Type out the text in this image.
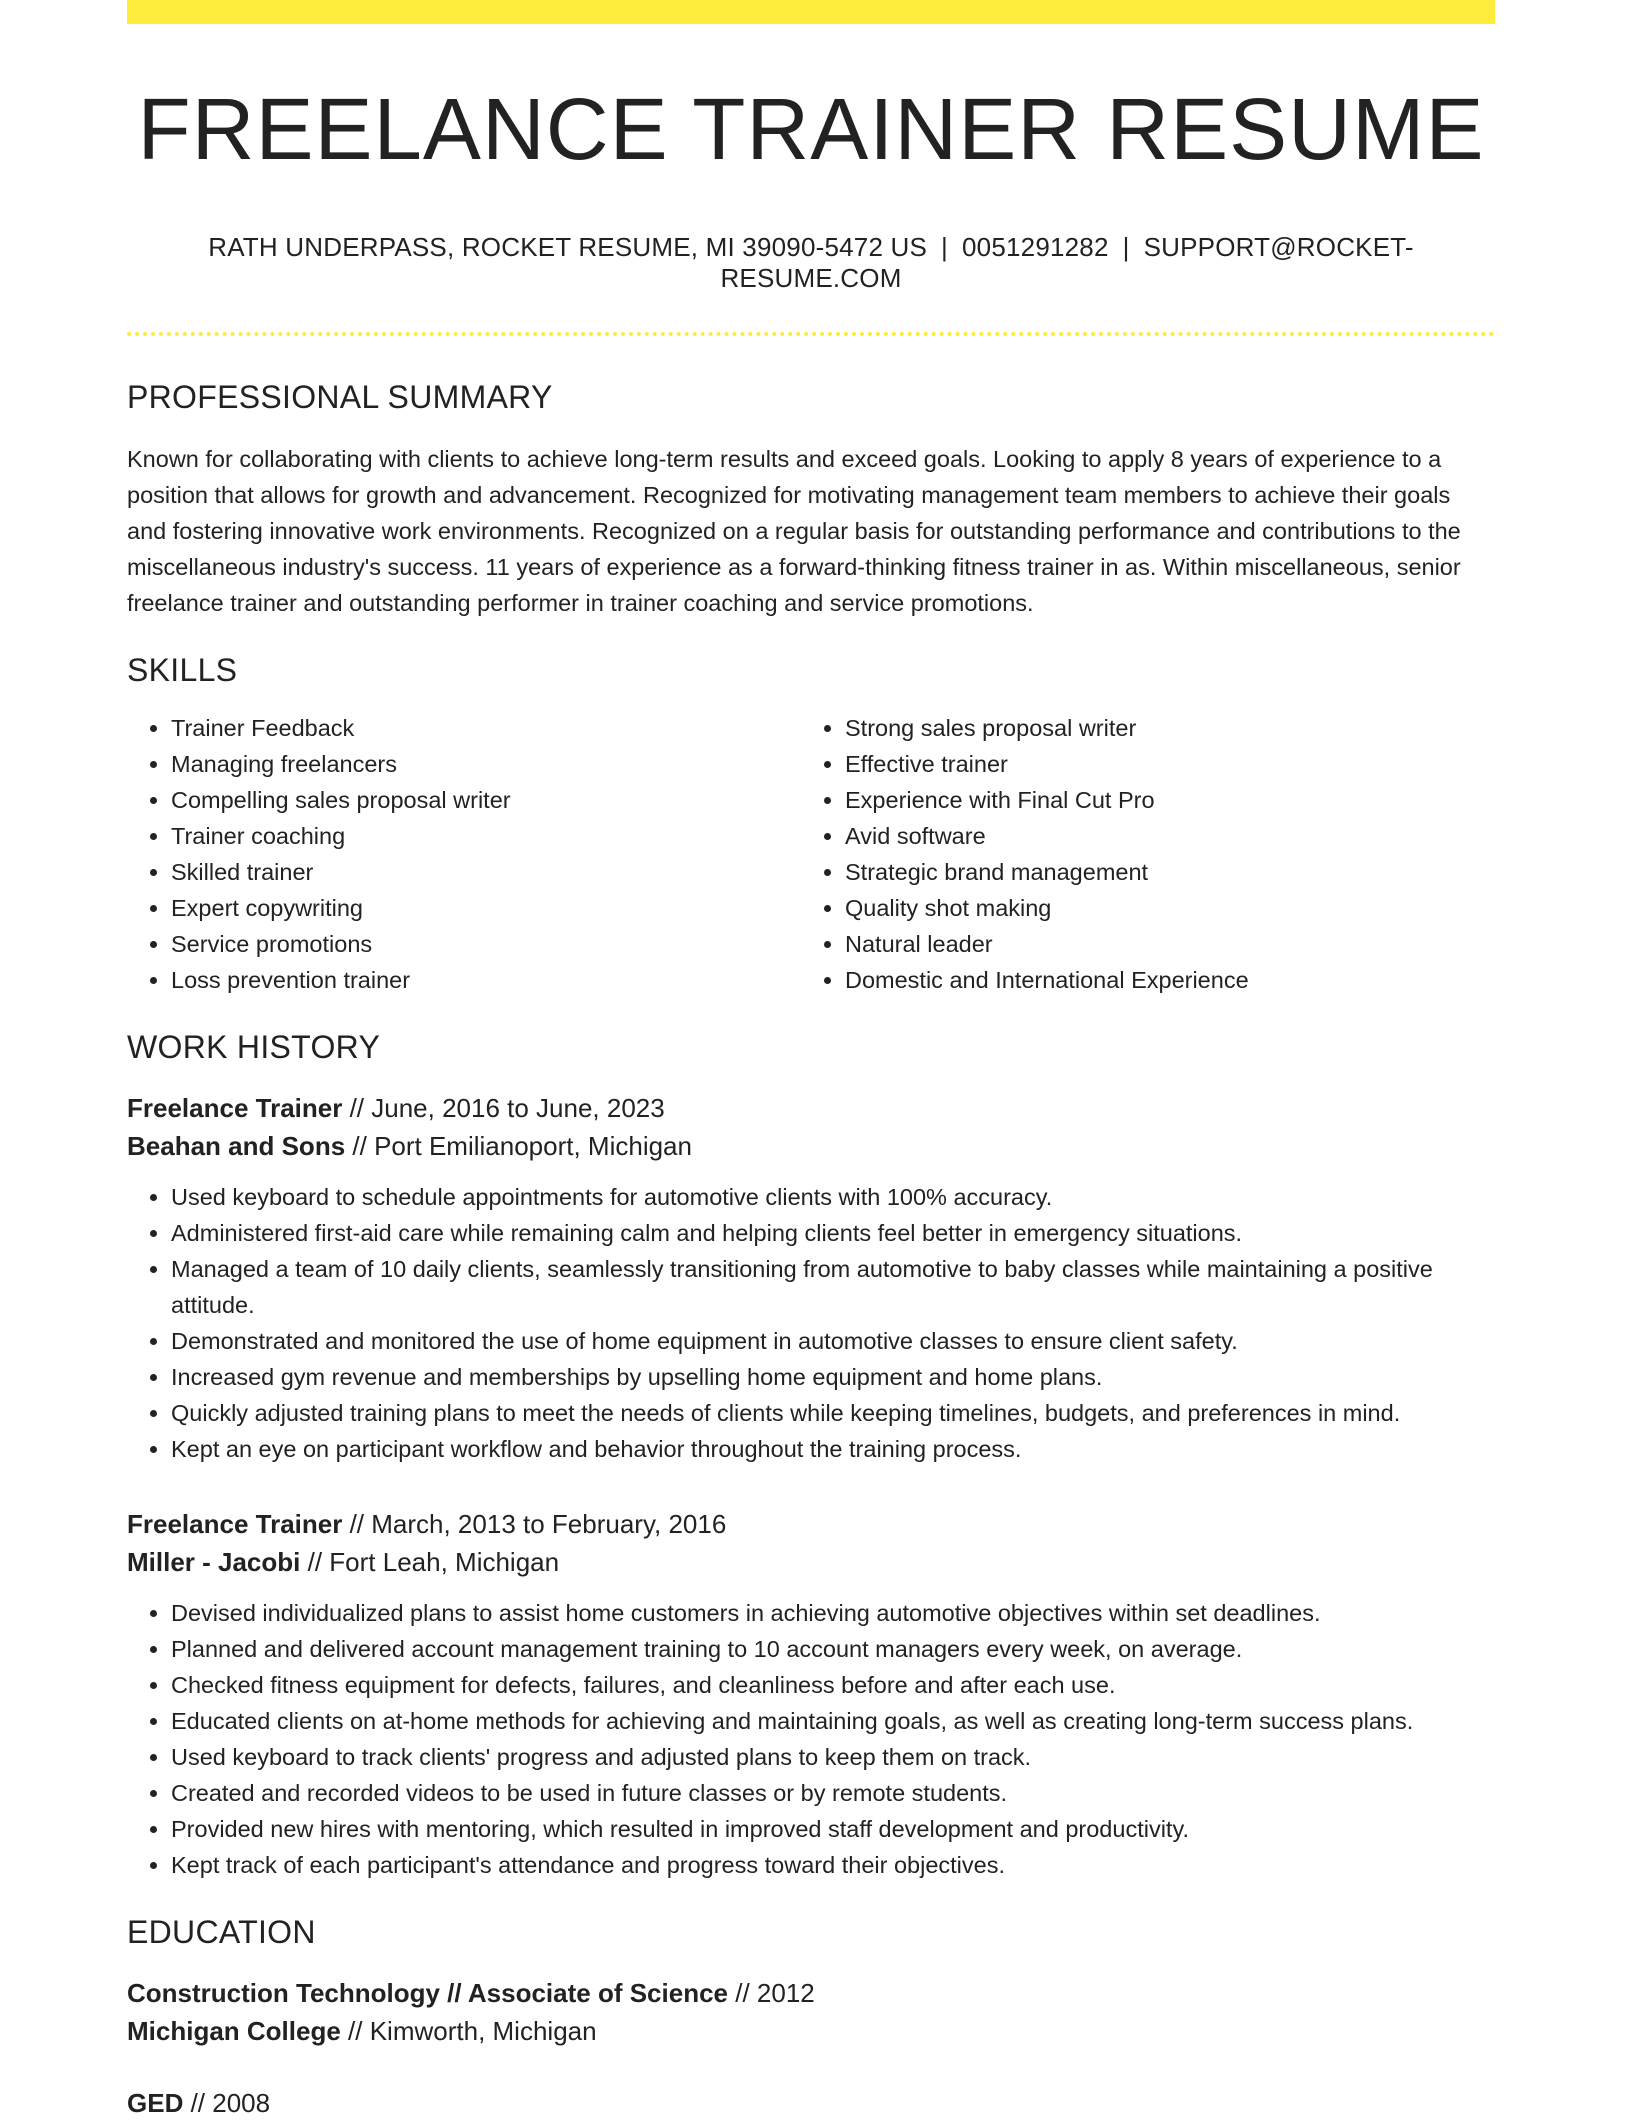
FREELANCE TRAINER RESUME
RATH UNDERPASS, ROCKET RESUME, MI 39090-5472 US | 0051291282 | SUPPORT@ROCKET-RESUME.COM
PROFESSIONAL SUMMARY
Known for collaborating with clients to achieve long-term results and exceed goals. Looking to apply 8 years of experience to a position that allows for growth and advancement. Recognized for motivating management team members to achieve their goals and fostering innovative work environments. Recognized on a regular basis for outstanding performance and contributions to the miscellaneous industry's success. 11 years of experience as a forward-thinking fitness trainer in as. Within miscellaneous, senior freelance trainer and outstanding performer in trainer coaching and service promotions.
SKILLS
• Trainer Feedback
• Managing freelancers
• Compelling sales proposal writer
• Trainer coaching
• Skilled trainer
• Expert copywriting
• Service promotions
• Loss prevention trainer
• Strong sales proposal writer
• Effective trainer
• Experience with Final Cut Pro
• Avid software
• Strategic brand management
• Quality shot making
• Natural leader
• Domestic and International Experience
WORK HISTORY
Freelance Trainer // June, 2016 to June, 2023
Beahan and Sons // Port Emilianoport, Michigan
• Used keyboard to schedule appointments for automotive clients with 100% accuracy.
• Administered first-aid care while remaining calm and helping clients feel better in emergency situations.
• Managed a team of 10 daily clients, seamlessly transitioning from automotive to baby classes while maintaining a positive attitude.
• Demonstrated and monitored the use of home equipment in automotive classes to ensure client safety.
• Increased gym revenue and memberships by upselling home equipment and home plans.
• Quickly adjusted training plans to meet the needs of clients while keeping timelines, budgets, and preferences in mind.
• Kept an eye on participant workflow and behavior throughout the training process.
Freelance Trainer // March, 2013 to February, 2016
Miller - Jacobi // Fort Leah, Michigan
• Devised individualized plans to assist home customers in achieving automotive objectives within set deadlines.
• Planned and delivered account management training to 10 account managers every week, on average.
• Checked fitness equipment for defects, failures, and cleanliness before and after each use.
• Educated clients on at-home methods for achieving and maintaining goals, as well as creating long-term success plans.
• Used keyboard to track clients' progress and adjusted plans to keep them on track.
• Created and recorded videos to be used in future classes or by remote students.
• Provided new hires with mentoring, which resulted in improved staff development and productivity.
• Kept track of each participant's attendance and progress toward their objectives.
EDUCATION
Construction Technology // Associate of Science // 2012
Michigan College // Kimworth, Michigan
GED // 2008
